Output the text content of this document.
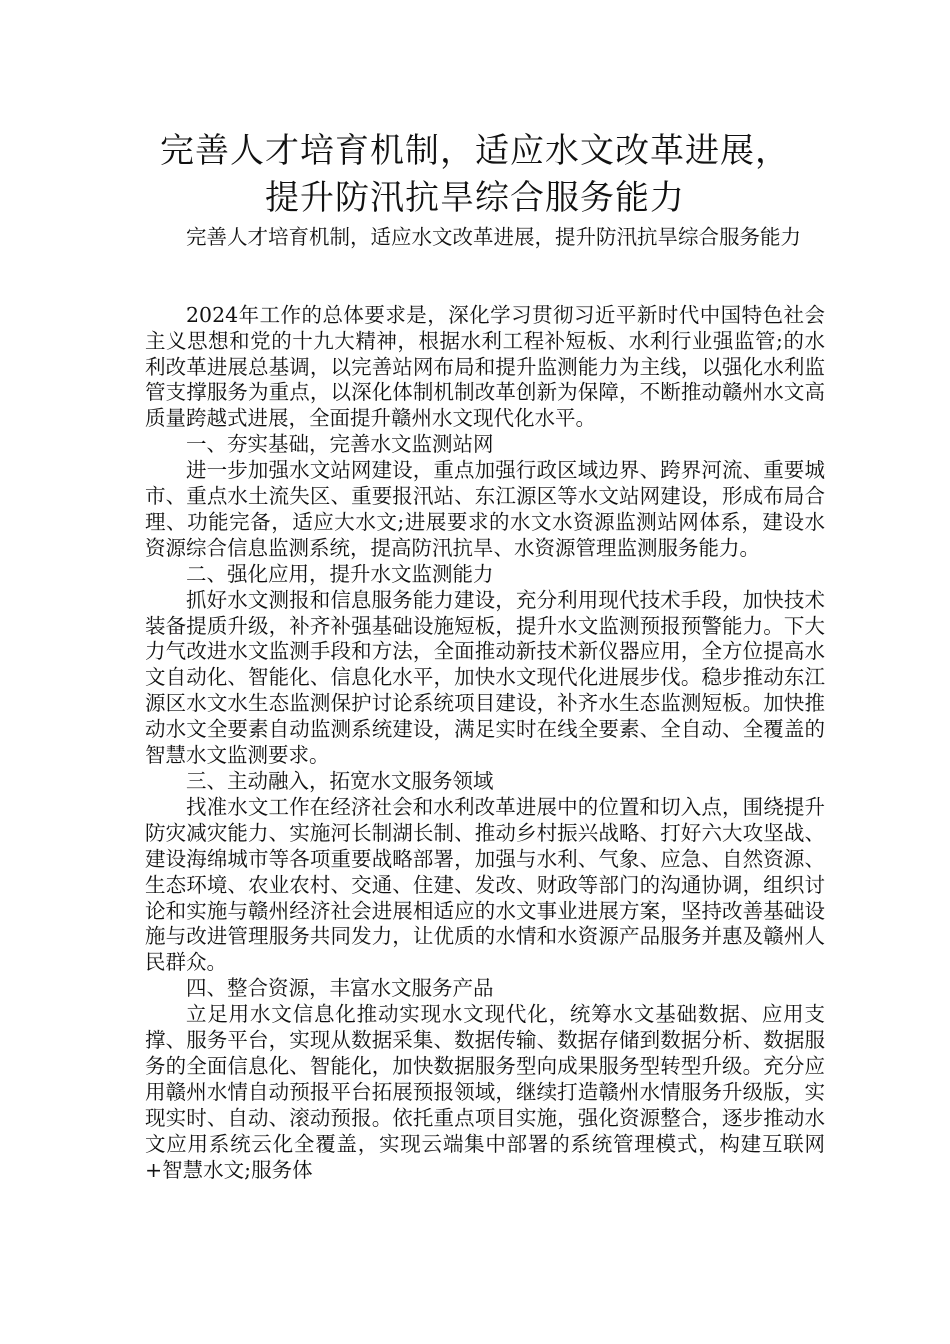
完善人才培育机制，适应水文改革进展，
提升防汛抗旱综合服务能力

完善人才培育机制，适应水文改革进展，提升防汛抗旱综合服务能力

2024年工作的总体要求是，深化学习贯彻习近平新时代中国特色社会主义思想和党的十九大精神，根据水利工程补短板、水利行业强监管;的水利改革进展总基调，以完善站网布局和提升监测能力为主线，以强化水利监管支撑服务为重点，以深化体制机制改革创新为保障，不断推动赣州水文高质量跨越式进展，全面提升赣州水文现代化水平。

一、夯实基础，完善水文监测站网

进一步加强水文站网建设，重点加强行政区域边界、跨界河流、重要城市、重点水土流失区、重要报汛站、东江源区等水文站网建设，形成布局合理、功能完备，适应大水文;进展要求的水文水资源监测站网体系，建设水资源综合信息监测系统，提高防汛抗旱、水资源管理监测服务能力。

二、强化应用，提升水文监测能力

抓好水文测报和信息服务能力建设，充分利用现代技术手段，加快技术装备提质升级，补齐补强基础设施短板，提升水文监测预报预警能力。下大力气改进水文监测手段和方法，全面推动新技术新仪器应用，全方位提高水文自动化、智能化、信息化水平，加快水文现代化进展步伐。稳步推动东江源区水文水生态监测保护讨论系统项目建设，补齐水生态监测短板。加快推动水文全要素自动监测系统建设，满足实时在线全要素、全自动、全覆盖的智慧水文监测要求。

三、主动融入，拓宽水文服务领域

找准水文工作在经济社会和水利改革进展中的位置和切入点，围绕提升防灾减灾能力、实施河长制湖长制、推动乡村振兴战略、打好六大攻坚战、建设海绵城市等各项重要战略部署，加强与水利、气象、应急、自然资源、生态环境、农业农村、交通、住建、发改、财政等部门的沟通协调，组织讨论和实施与赣州经济社会进展相适应的水文事业进展方案，坚持改善基础设施与改进管理服务共同发力，让优质的水情和水资源产品服务并惠及赣州人民群众。

四、整合资源，丰富水文服务产品

立足用水文信息化推动实现水文现代化，统筹水文基础数据、应用支撑、服务平台，实现从数据采集、数据传输、数据存储到数据分析、数据服务的全面信息化、智能化，加快数据服务型向成果服务型转型升级。充分应用赣州水情自动预报平台拓展预报领域，继续打造赣州水情服务升级版，实现实时、自动、滚动预报。依托重点项目实施，强化资源整合，逐步推动水文应用系统云化全覆盖，实现云端集中部署的系统管理模式，构建互联网+智慧水文;服务体
